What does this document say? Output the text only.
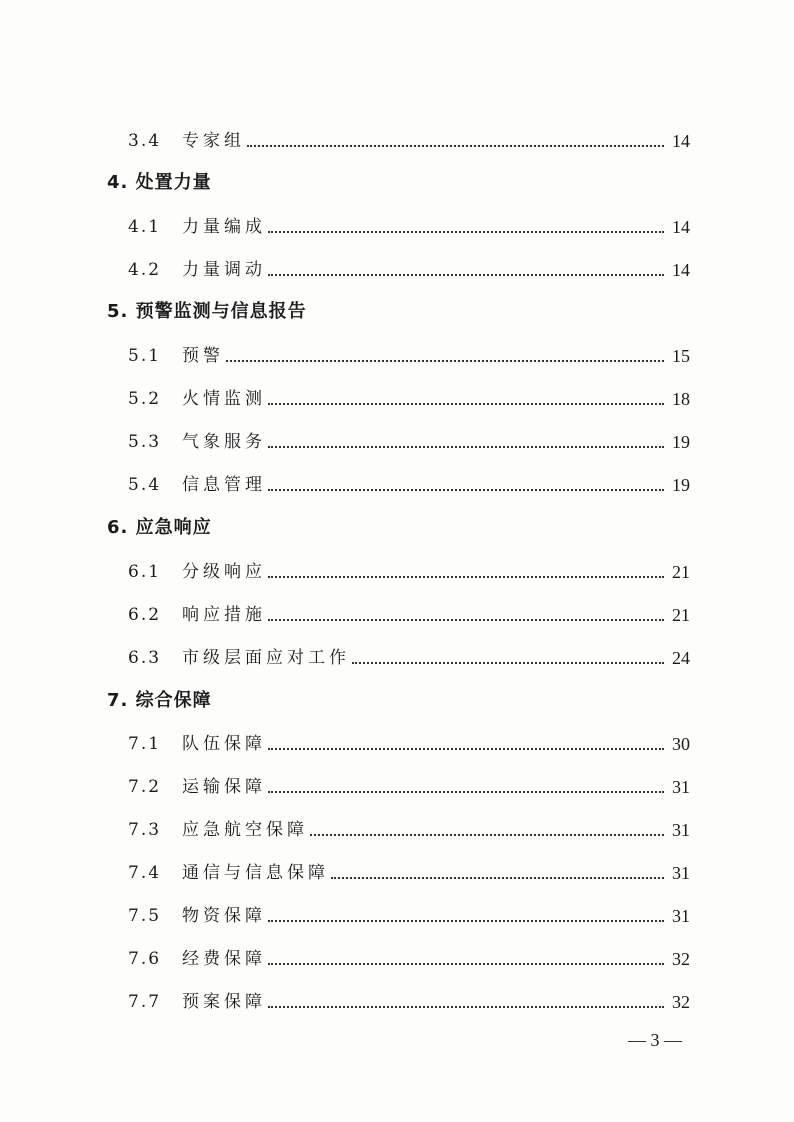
3.4	专家组	14
4. 处置力量
4.1	力量编成	14
4.2	力量调动	14
5. 预警监测与信息报告
5.1	预警	15
5.2	火情监测	18
5.3	气象服务	19
5.4	信息管理	19
6. 应急响应
6.1	分级响应	21
6.2	响应措施	21
6.3	市级层面应对工作	24
7. 综合保障
7.1	队伍保障	30
7.2	运输保障	31
7.3	应急航空保障	31
7.4	通信与信息保障	31
7.5	物资保障	31
7.6	经费保障	32
7.7	预案保障	32
— 3 —
